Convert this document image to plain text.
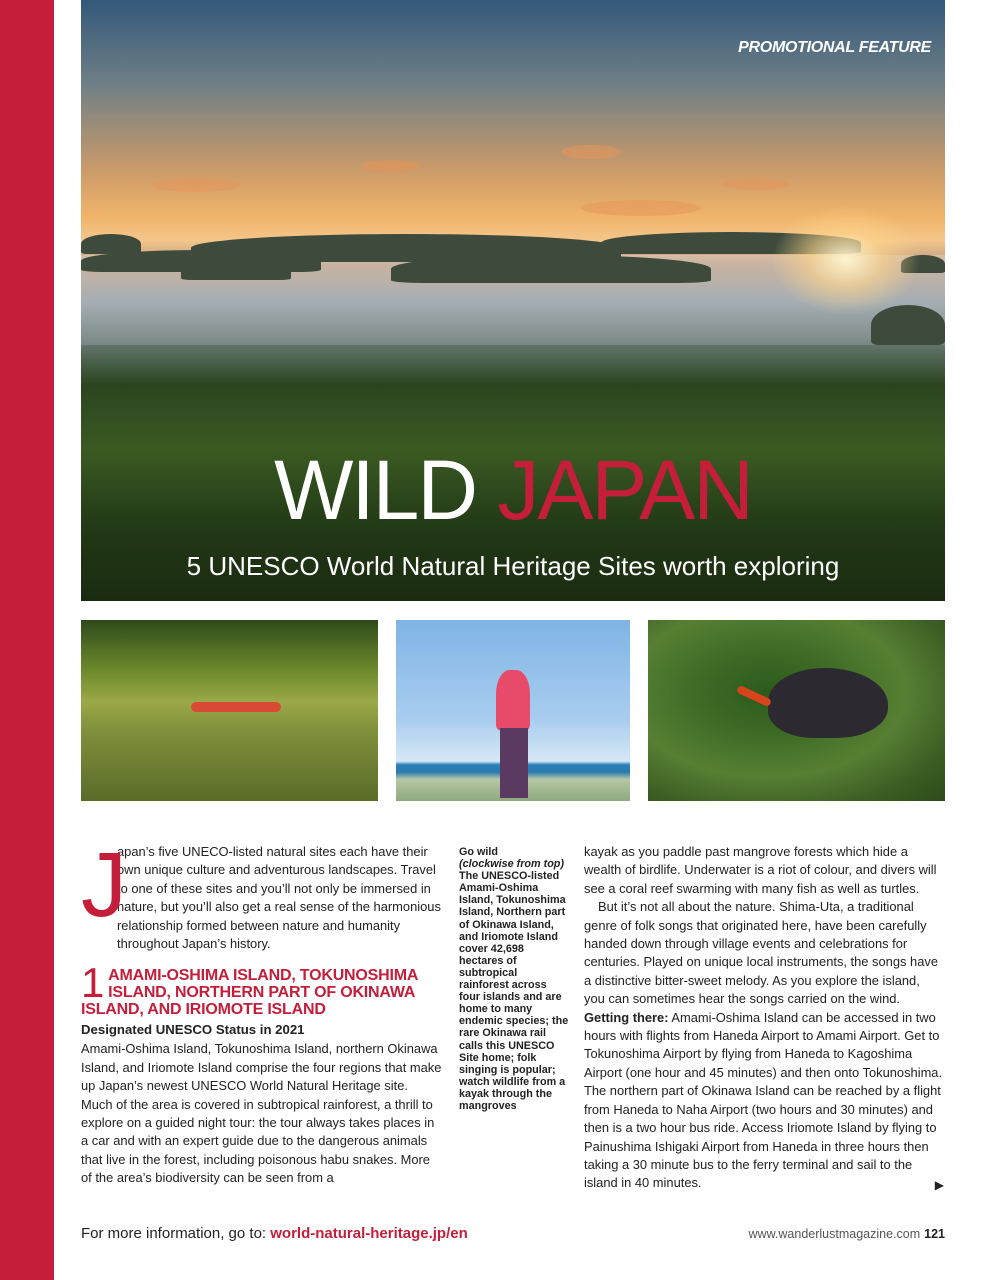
PROMOTIONAL FEATURE
WILD JAPAN
5 UNESCO World Natural Heritage Sites worth exploring
J
apan’s five UNECO-listed natural sites each have their own unique culture and adventurous landscapes. Travel to one of these sites and you’ll not only be immersed in nature, but you’ll also get a real sense of the harmonious relationship formed between nature and humanity throughout Japan’s history.
1 AMAMI-OSHIMA ISLAND, TOKUNOSHIMA ISLAND, NORTHERN PART OF OKINAWA ISLAND, AND IRIOMOTE ISLAND
Designated UNESCO Status in 2021
Amami-Oshima Island, Tokunoshima Island, northern Okinawa Island, and Iriomote Island comprise the four regions that make up Japan’s newest UNESCO World Natural Heritage site. Much of the area is covered in subtropical rainforest, a thrill to explore on a guided night tour: the tour always takes places in a car and with an expert guide due to the dangerous animals that live in the forest, including poisonous habu snakes. More of the area’s biodiversity can be seen from a
Go wild
(clockwise from top)
The UNESCO-listed Amami-Oshima Island, Tokunoshima Island, Northern part of Okinawa Island, and Iriomote Island cover 42,698 hectares of subtropical rainforest across four islands and are home to many endemic species; the rare Okinawa rail calls this UNESCO Site home; folk singing is popular; watch wildlife from a kayak through the mangroves

kayak as you paddle past mangrove forests which hide a wealth of birdlife. Underwater is a riot of colour, and divers will see a coral reef swarming with many fish as well as turtles.

But it’s not all about the nature. Shima-Uta, a traditional genre of folk songs that originated here, have been carefully handed down through village events and celebrations for centuries. Played on unique local instruments, the songs have a distinctive bitter-sweet melody. As you explore the island, you can sometimes hear the songs carried on the wind.

Getting there: Amami-Oshima Island can be accessed in two hours with flights from Haneda Airport to Amami Airport. Get to Tokunoshima Airport by flying from Haneda to Kagoshima Airport (one hour and 45 minutes) and then onto Tokunoshima. The northern part of Okinawa Island can be reached by a flight from Haneda to Naha Airport (two hours and 30 minutes) and then is a two hour bus ride. Access Iriomote Island by flying to Painushima Ishigaki Airport from Haneda in three hours then taking a 30 minute bus to the ferry terminal and sail to the island in 40 minutes.	▶
For more information, go to: world-natural-heritage.jp/en	www.wanderlustmagazine.com 121
